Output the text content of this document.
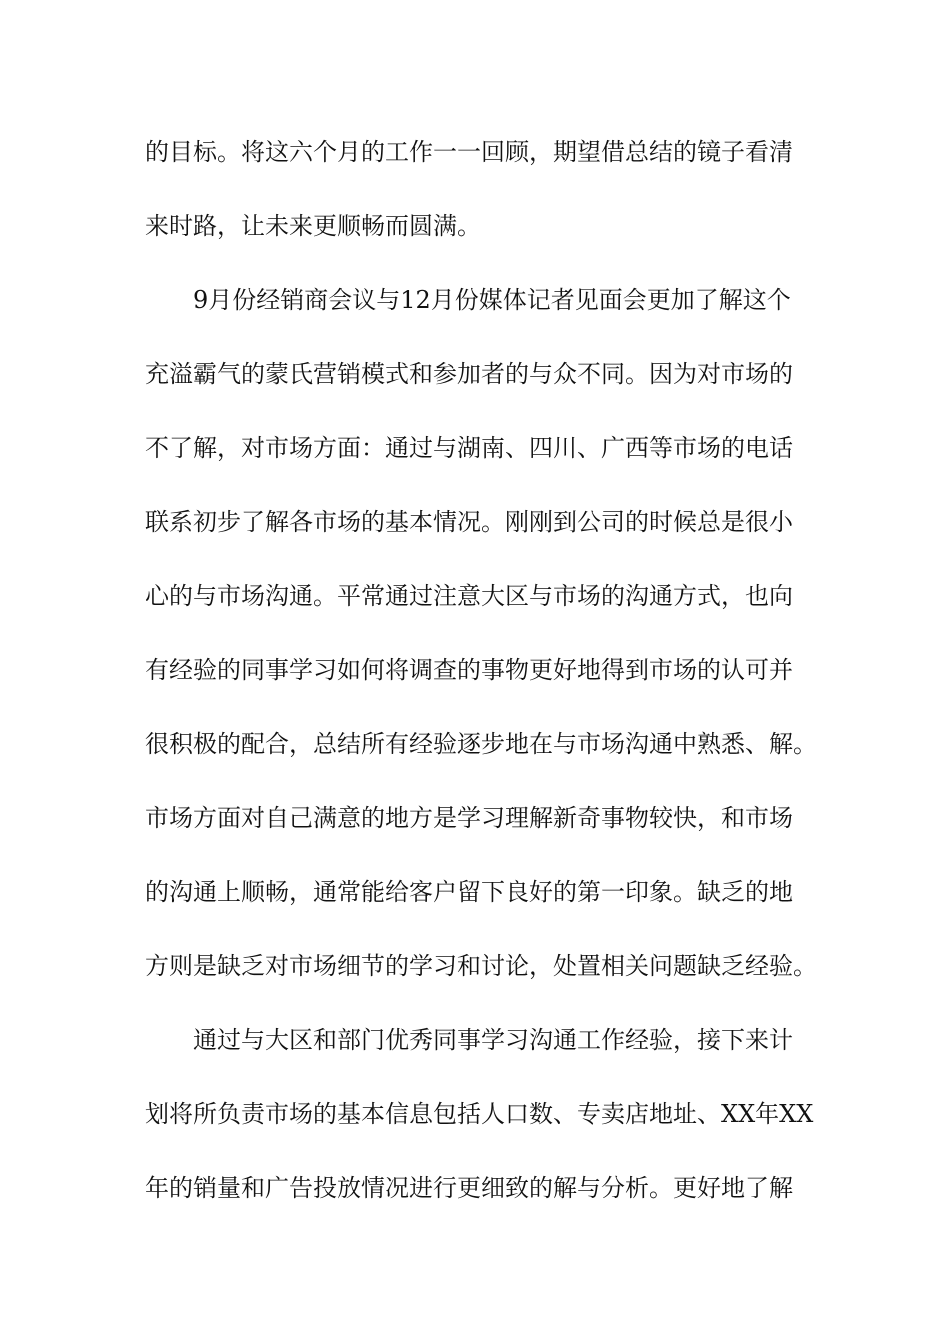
的目标。将这六个月的工作一一回顾，期望借总结的镜子看清
来时路，让未来更顺畅而圆满。
9月份经销商会议与12月份媒体记者见面会更加了解这个
充溢霸气的蒙氏营销模式和参加者的与众不同。因为对市场的
不了解，对市场方面：通过与湖南、四川、广西等市场的电话
联系初步了解各市场的基本情况。刚刚到公司的时候总是很小
心的与市场沟通。平常通过注意大区与市场的沟通方式，也向
有经验的同事学习如何将调查的事物更好地得到市场的认可并
很积极的配合，总结所有经验逐步地在与市场沟通中熟悉、解。
市场方面对自己满意的地方是学习理解新奇事物较快，和市场
的沟通上顺畅，通常能给客户留下良好的第一印象。缺乏的地
方则是缺乏对市场细节的学习和讨论，处置相关问题缺乏经验。
通过与大区和部门优秀同事学习沟通工作经验，接下来计
划将所负责市场的基本信息包括人口数、专卖店地址、XX年XX
年的销量和广告投放情况进行更细致的解与分析。更好地了解
